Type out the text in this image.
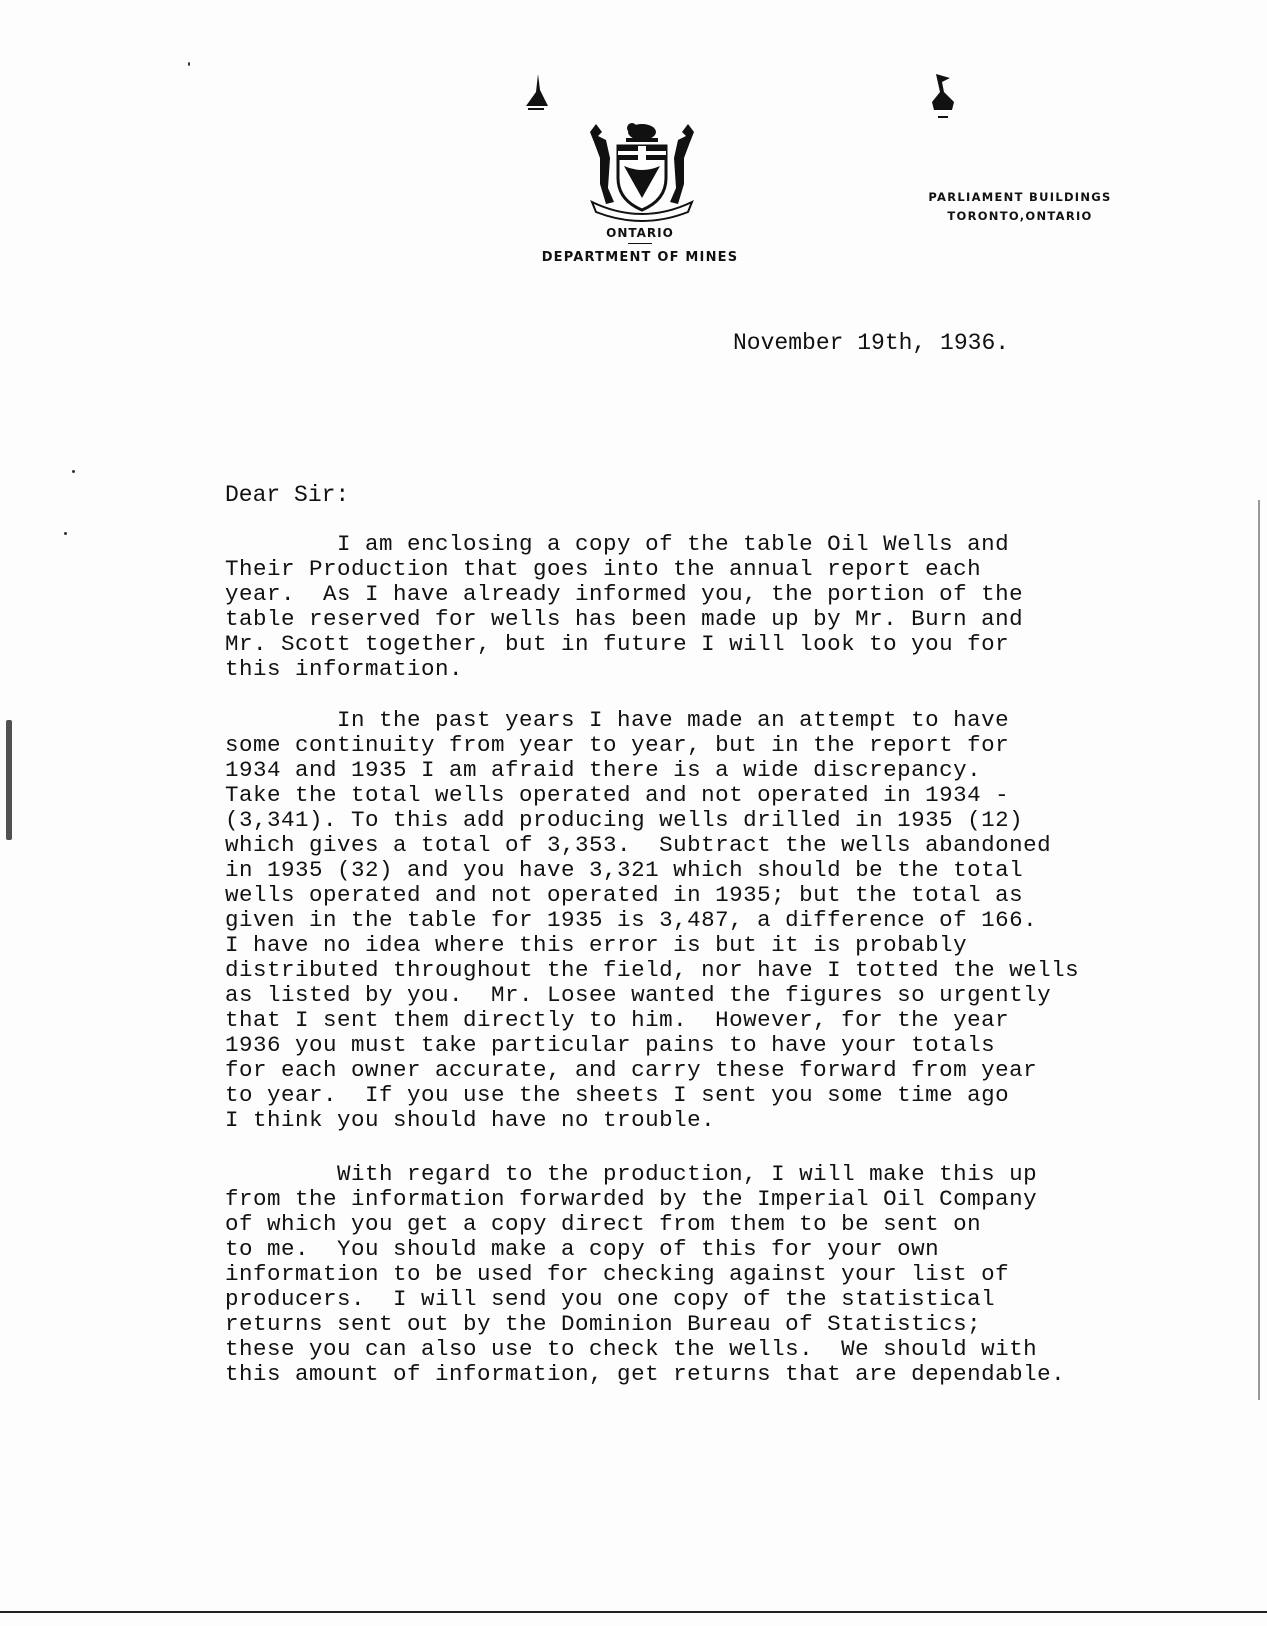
ONTARIO
DEPARTMENT OF MINES
PARLIAMENT BUILDINGS
TORONTO,ONTARIO
November 19th, 1936.
Dear Sir:

I am enclosing a copy of the table Oil Wells and
Their Production that goes into the annual report each
year.  As I have already informed you, the portion of the
table reserved for wells has been made up by Mr. Burn and
Mr. Scott together, but in future I will look to you for
this information.

In the past years I have made an attempt to have
some continuity from year to year, but in the report for
1934 and 1935 I am afraid there is a wide discrepancy.
Take the total wells operated and not operated in 1934 -
(3,341). To this add producing wells drilled in 1935 (12)
which gives a total of 3,353.  Subtract the wells abandoned
in 1935 (32) and you have 3,321 which should be the total
wells operated and not operated in 1935; but the total as
given in the table for 1935 is 3,487, a difference of 166.
I have no idea where this error is but it is probably
distributed throughout the field, nor have I totted the wells
as listed by you.  Mr. Losee wanted the figures so urgently
that I sent them directly to him.  However, for the year
1936 you must take particular pains to have your totals
for each owner accurate, and carry these forward from year
to year.  If you use the sheets I sent you some time ago
I think you should have no trouble.

With regard to the production, I will make this up
from the information forwarded by the Imperial Oil Company
of which you get a copy direct from them to be sent on
to me.  You should make a copy of this for your own
information to be used for checking against your list of
producers.  I will send you one copy of the statistical
returns sent out by the Dominion Bureau of Statistics;
these you can also use to check the wells.  We should with
this amount of information, get returns that are dependable.
